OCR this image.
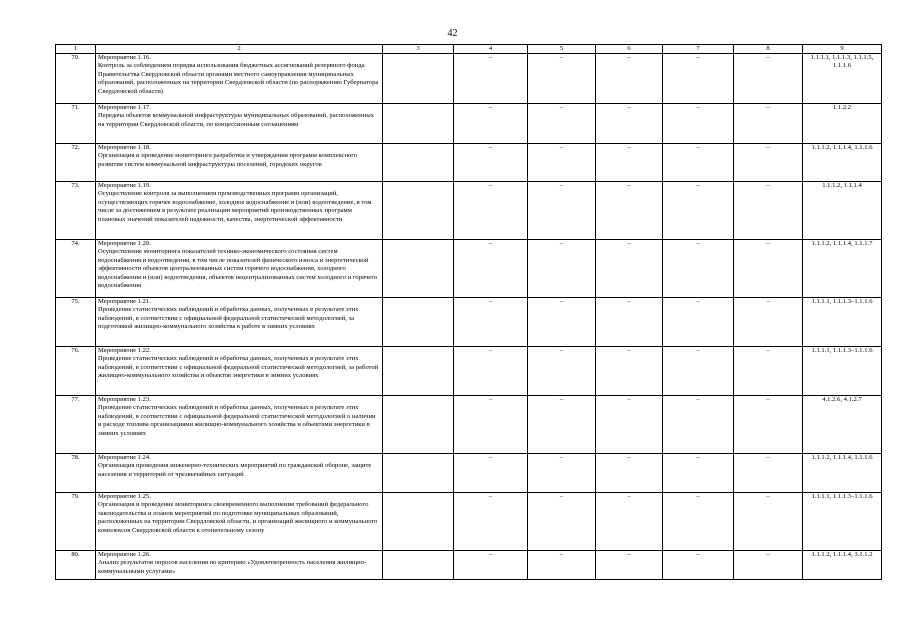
42
1	2	3	4	5	6	7	8	9
70.	Мероприятие 1.16.
Контроль за соблюдением порядка использования бюджетных ассигнований резервного фонда Правительства Свердловской области органами местного самоуправления муниципальных образований, расположенных на территории Свердловской области (по распоряжению Губернатора Свердловской области)		–	–	–	–	–	1.1.1.1, 1.1.1.3, 1.1.1.5, 1.1.1.6
71.	Мероприятие 1.17.
Передача объектов коммунальной инфраструктуры муниципальных образований, расположенных на территории Свердловской области, по концессионным соглашениям		–	–	–	–	–	1.1.2.2
72.	Мероприятие 1.18.
Организация и проведение мониторинга разработки и утверждения программ комплексного развития систем коммунальной инфраструктуры поселений, городских округов		–	–	–	–	–	1.1.1.2, 1.1.1.4, 1.1.1.6
73.	Мероприятие 1.19.
Осуществление контроля за выполнением производственных программ организаций, осуществляющих горячее водоснабжение, холодное водоснабжение и (или) водоотведение, в том числе за достижением в результате реализации мероприятий производственных программ плановых значений показателей надежности, качества, энергетической эффективности		–	–	–	–	–	1.1.1.2, 1.1.1.4
74.	Мероприятие 1.20.
Осуществление мониторинга показателей технико-экономического состояния систем водоснабжения и водоотведения, в том числе показателей физического износа и энергетической эффективности объектов централизованных систем горячего водоснабжения, холодного водоснабжения и (или) водоотведения, объектов нецентрализованных систем холодного и горячего водоснабжения		–	–	–	–	–	1.1.1.2, 1.1.1.4, 1.1.1.7
75.	Мероприятие 1.21.
Проведение статистических наблюдений и обработка данных, полученных в результате этих наблюдений, в соответствии с официальной федеральной статистической методологией, за подготовкой жилищно-коммунального хозяйства к работе в зимних условиях		–	–	–	–	–	1.1.1.1, 1.1.1.3–1.1.1.6
76.	Мероприятие 1.22.
Проведение статистических наблюдений и обработка данных, полученных в результате этих наблюдений, в соответствии с официальной федеральной статистической методологией, за работой жилищно-коммунального хозяйства и объектов энергетики в зимних условиях		–	–	–	–	–	1.1.1.1, 1.1.1.3–1.1.1.6
77.	Мероприятие 1.23.
Проведение статистических наблюдений и обработка данных, полученных в результате этих наблюдений, в соответствии с официальной федеральной статистической методологией о наличии и расходе топлива организациями жилищно-коммунального хозяйства и объектами энергетики в зимних условиях		–	–	–	–	–	4.1.2.6, 4.1.2.7
78.	Мероприятие 1.24.
Организация проведения инженерно-технических мероприятий по гражданской обороне, защите населения и территорий от чрезвычайных ситуаций		–	–	–	–	–	1.1.1.2, 1.1.1.4, 1.1.1.6
79.	Мероприятие 1.25.
Организация и проведение мониторинга своевременного выполнения требований федерального законодательства и планов мероприятий по подготовке муниципальных образований, расположенных на территории Свердловской области, и организаций жилищного и коммунального комплексов Свердловской области к отопительному сезону		–	–	–	–	–	1.1.1.1, 1.1.1.3–1.1.1.6
80.	Мероприятие 1.26.
Анализ результатов опросов населения по критерию «Удовлетворенность населения жилищно-коммунальными услугами»		–	–	–	–	–	1.1.1.2, 1.1.1.4, 3.1.1.2
